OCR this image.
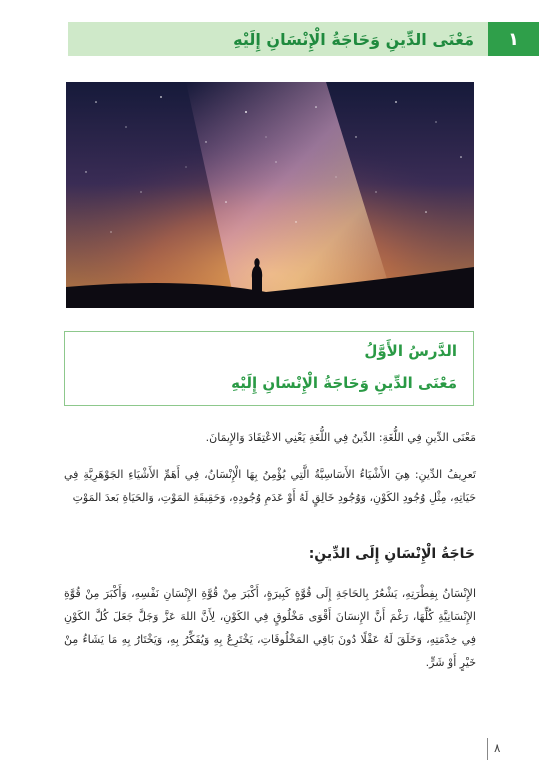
مَعْنَى الدِّينِ وَحَاجَةُ الْإِنْسَانِ إِلَيْهِ	١
الدَّرسُ الأَوَّلُ
مَعْنَى الدِّينِ وَحَاجَةُ الْإِنْسَانِ إِلَيْهِ
مَعْنَى الدِّينِ فِي اللُّغَةِ: الدِّينُ فِي اللُّغَةِ يَعْنِي الاعْتِقَادَ وَالإِيمَانَ.
تَعرِيفُ الدِّينِ: هِيَ الأَشْيَاءُ الأَسَاسِيَّةُ الَّتِي يُؤْمِنُ بِهَا الْإِنْسَانُ، فِي أَهَمِّ الأَشْيَاءِ الجَوْهَرِيَّةِ فِي حَيَاتِهِ، مِثْلِ وُجُودِ الكَوْنِ، وَوُجُودِ خَالِقٍ لَهُ أَوْ عَدَمِ وُجُودِهِ، وَحَقِيقَةِ المَوْتِ، وَالحَيَاةِ بَعدَ المَوْتِ
حَاجَةُ الْإِنْسَانِ إِلَى الدِّينِ:
الإِنْسَانُ بِفِطْرَتِهِ، يَشْعُرُ بِالحَاجَةِ إِلَى قُوَّةٍ كَبِيرَةٍ، أَكْبَرَ مِنْ قُوَّةِ الإِنْسَانِ نَفْسِهِ، وَأَكْبَرَ مِنْ قُوَّةِ الإِنْسَانِيَّةِ كُلِّهَا، رَغْمَ أَنَّ الإِنسَانَ أَقْوَى مَخْلُوقٍ فِي الكَوْنِ، لِأَنَّ اللهَ عَزَّ وَجَلَّ جَعَلَ كُلَّ الكَوْنِ فِي خِدْمَتِهِ، وَخَلَقَ لَهُ عَقْلًا دُونَ بَاقِي المَخْلُوقَاتِ، يَخْتَرِعُ بِهِ وَيُفَكِّرُ بِهِ، وَيَخْتَارُ بِهِ مَا يَشَاءُ مِنْ خَيْرٍ أَوْ شَرٍّ.
٨
